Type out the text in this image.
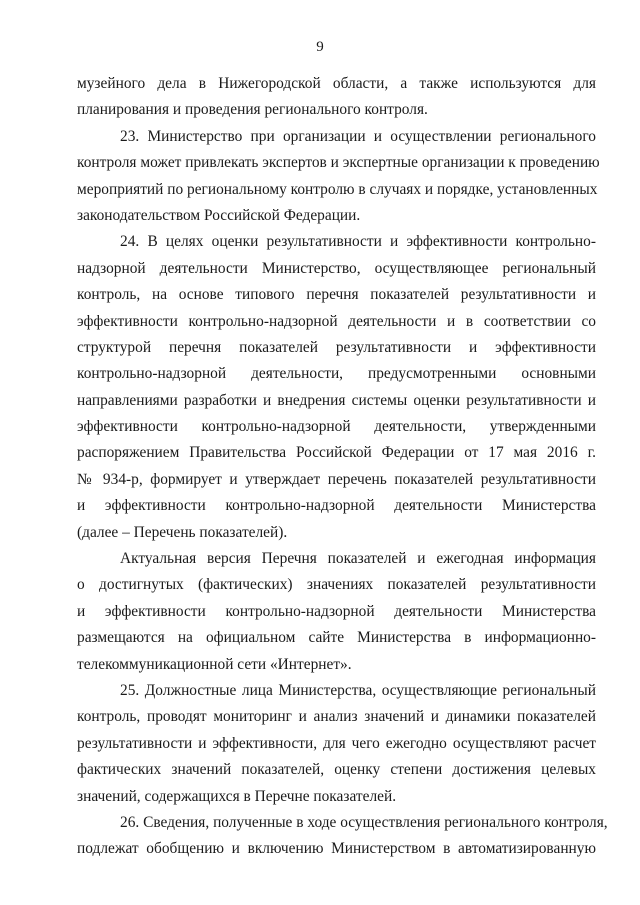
9
музейного дела в Нижегородской области, а также используются для
планирования и проведения регионального контроля.
23. Министерство при организации и осуществлении регионального
контроля может привлекать экспертов и экспертные организации к проведению
мероприятий по региональному контролю в случаях и порядке, установленных
законодательством Российской Федерации.
24. В целях оценки результативности и эффективности контрольно-
надзорной деятельности Министерство, осуществляющее региональный
контроль, на основе типового перечня показателей результативности и
эффективности контрольно-надзорной деятельности и в соответствии со
структурой перечня показателей результативности и эффективности
контрольно-надзорной деятельности, предусмотренными основными
направлениями разработки и внедрения системы оценки результативности и
эффективности контрольно-надзорной деятельности, утвержденными
распоряжением Правительства Российской Федерации от 17 мая 2016 г.
№ 934-р, формирует и утверждает перечень показателей результативности
и эффективности контрольно-надзорной деятельности Министерства
(далее – Перечень показателей).
Актуальная версия Перечня показателей и ежегодная информация
о достигнутых (фактических) значениях показателей результативности
и эффективности контрольно-надзорной деятельности Министерства
размещаются на официальном сайте Министерства в информационно-
телекоммуникационной сети «Интернет».
25. Должностные лица Министерства, осуществляющие региональный
контроль, проводят мониторинг и анализ значений и динамики показателей
результативности и эффективности, для чего ежегодно осуществляют расчет
фактических значений показателей, оценку степени достижения целевых
значений, содержащихся в Перечне показателей.
26. Сведения, полученные в ходе осуществления регионального контроля,
подлежат обобщению и включению Министерством в автоматизированную
